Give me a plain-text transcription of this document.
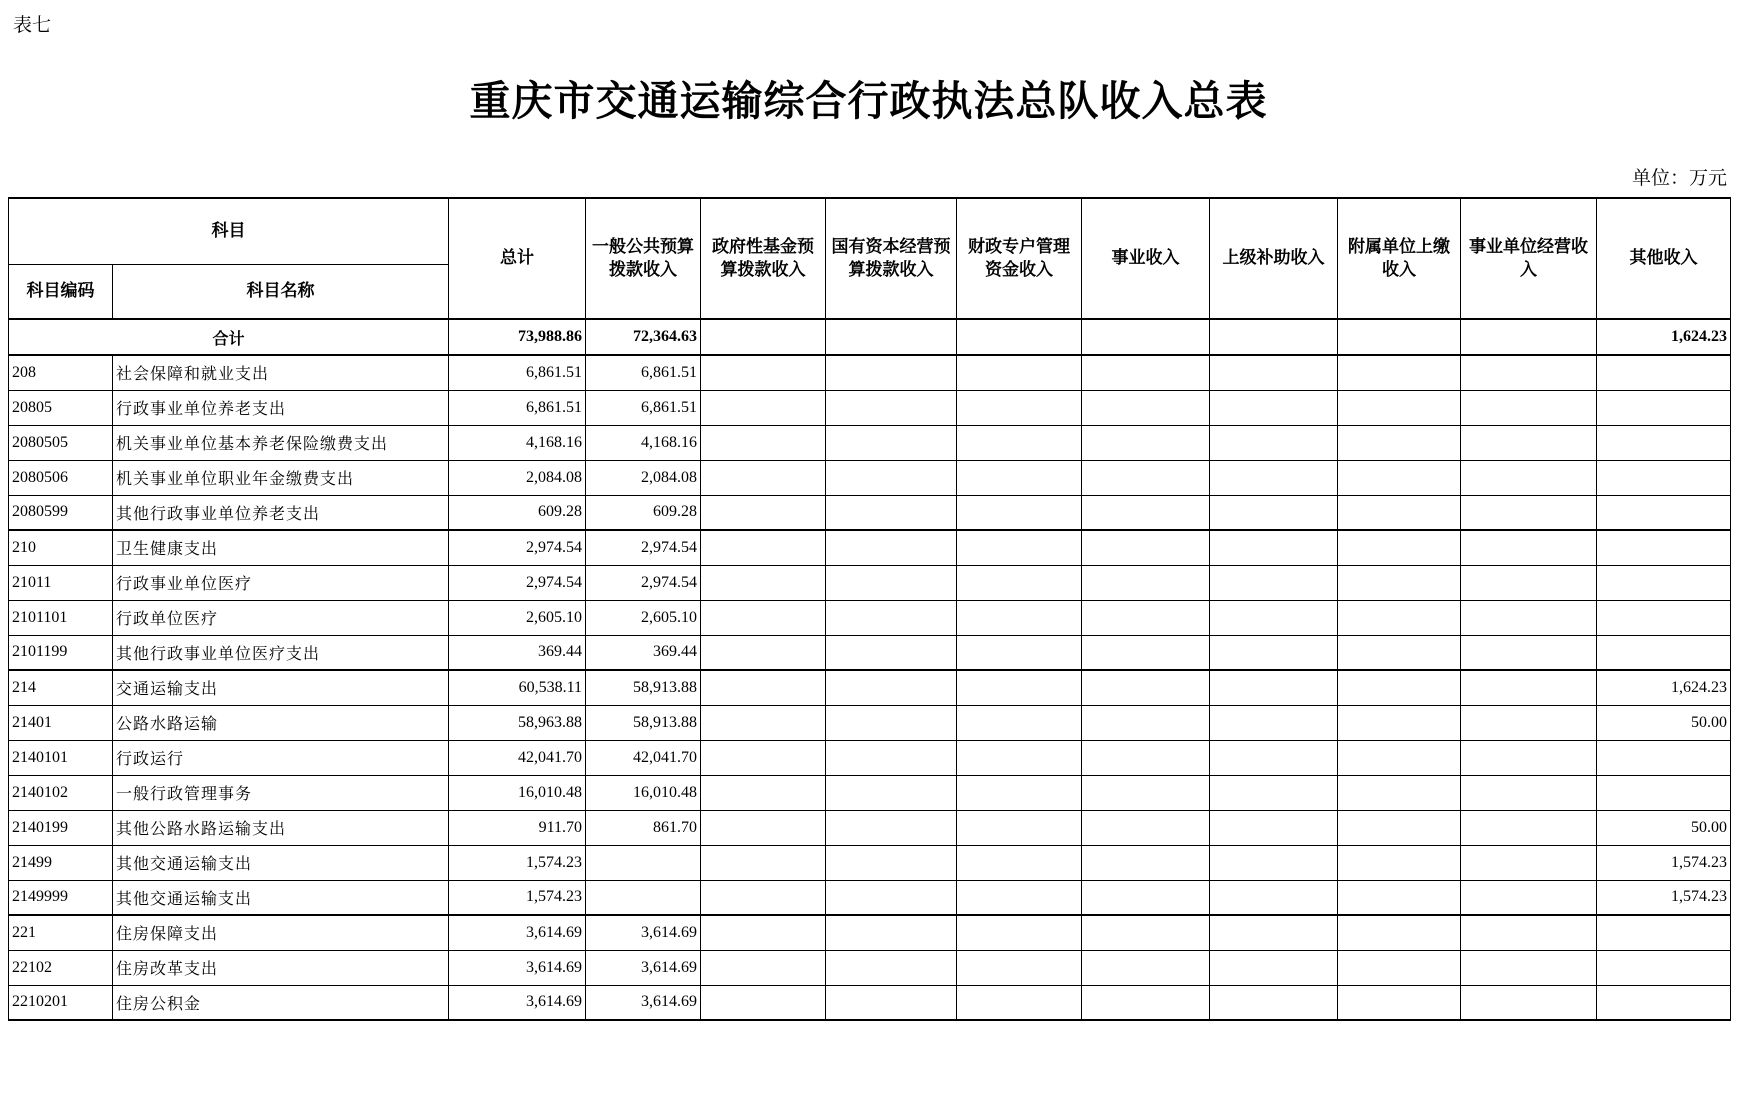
表七
重庆市交通运输综合行政执法总队收入总表
单位：万元
科目		总计	一般公共预算拨款收入	政府性基金预算拨款收入	国有资本经营预算拨款收入	财政专户管理资金收入	事业收入	上级补助收入	附属单位上缴收入	事业单位经营收入	其他收入
科目编码	科目名称										
合计		73,988.86	72,364.63								1,624.23
208	社会保障和就业支出	6,861.51	6,861.51								
20805	行政事业单位养老支出	6,861.51	6,861.51								
2080505	机关事业单位基本养老保险缴费支出	4,168.16	4,168.16								
2080506	机关事业单位职业年金缴费支出	2,084.08	2,084.08								
2080599	其他行政事业单位养老支出	609.28	609.28								
210	卫生健康支出	2,974.54	2,974.54								
21011	行政事业单位医疗	2,974.54	2,974.54								
2101101	行政单位医疗	2,605.10	2,605.10								
2101199	其他行政事业单位医疗支出	369.44	369.44								
214	交通运输支出	60,538.11	58,913.88								1,624.23
21401	公路水路运输	58,963.88	58,913.88								50.00
2140101	行政运行	42,041.70	42,041.70								
2140102	一般行政管理事务	16,010.48	16,010.48								
2140199	其他公路水路运输支出	911.70	861.70								50.00
21499	其他交通运输支出	1,574.23									1,574.23
2149999	其他交通运输支出	1,574.23									1,574.23
221	住房保障支出	3,614.69	3,614.69								
22102	住房改革支出	3,614.69	3,614.69								
2210201	住房公积金	3,614.69	3,614.69								
